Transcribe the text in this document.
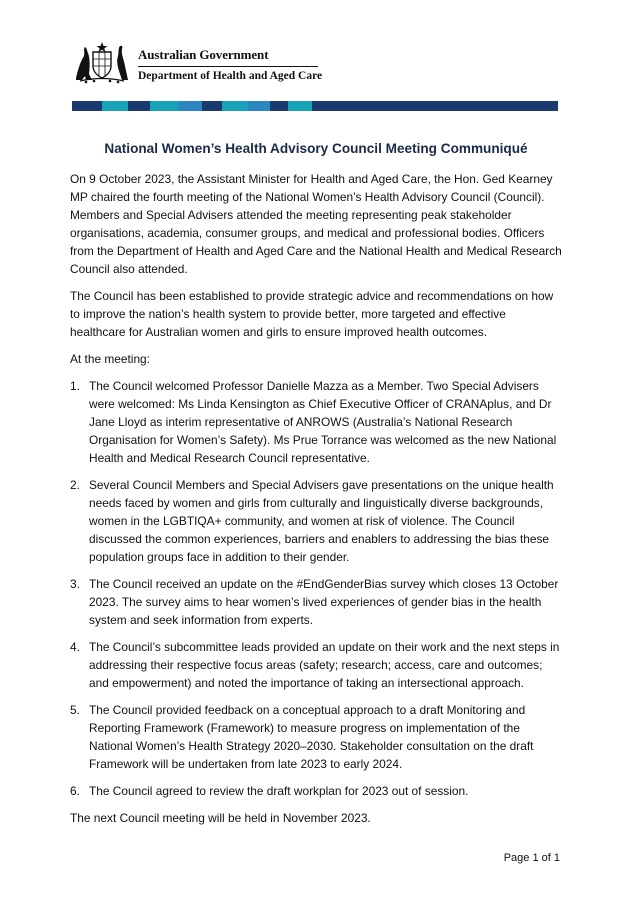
Australian Government
Department of Health and Aged Care
National Women’s Health Advisory Council Meeting Communiqué

On 9 October 2023, the Assistant Minister for Health and Aged Care, the Hon. Ged Kearney MP chaired the fourth meeting of the National Women’s Health Advisory Council (Council). Members and Special Advisers attended the meeting representing peak stakeholder organisations, academia, consumer groups, and medical and professional bodies. Officers from the Department of Health and Aged Care and the National Health and Medical Research Council also attended.

The Council has been established to provide strategic advice and recommendations on how to improve the nation’s health system to provide better, more targeted and effective healthcare for Australian women and girls to ensure improved health outcomes.

At the meeting:

1. The Council welcomed Professor Danielle Mazza as a Member. Two Special Advisers were welcomed: Ms Linda Kensington as Chief Executive Officer of CRANAplus, and Dr Jane Lloyd as interim representative of ANROWS (Australia’s National Research Organisation for Women’s Safety). Ms Prue Torrance was welcomed as the new National Health and Medical Research Council representative.
2. Several Council Members and Special Advisers gave presentations on the unique health needs faced by women and girls from culturally and linguistically diverse backgrounds, women in the LGBTIQA+ community, and women at risk of violence. The Council discussed the common experiences, barriers and enablers to addressing the bias these population groups face in addition to their gender.
3. The Council received an update on the #EndGenderBias survey which closes 13 October 2023. The survey aims to hear women’s lived experiences of gender bias in the health system and seek information from experts.
4. The Council’s subcommittee leads provided an update on their work and the next steps in addressing their respective focus areas (safety; research; access, care and outcomes; and empowerment) and noted the importance of taking an intersectional approach.
5. The Council provided feedback on a conceptual approach to a draft Monitoring and Reporting Framework (Framework) to measure progress on implementation of the National Women’s Health Strategy 2020–2030. Stakeholder consultation on the draft Framework will be undertaken from late 2023 to early 2024.
6. The Council agreed to review the draft workplan for 2023 out of session.

The next Council meeting will be held in November 2023.

Page 1 of 1
